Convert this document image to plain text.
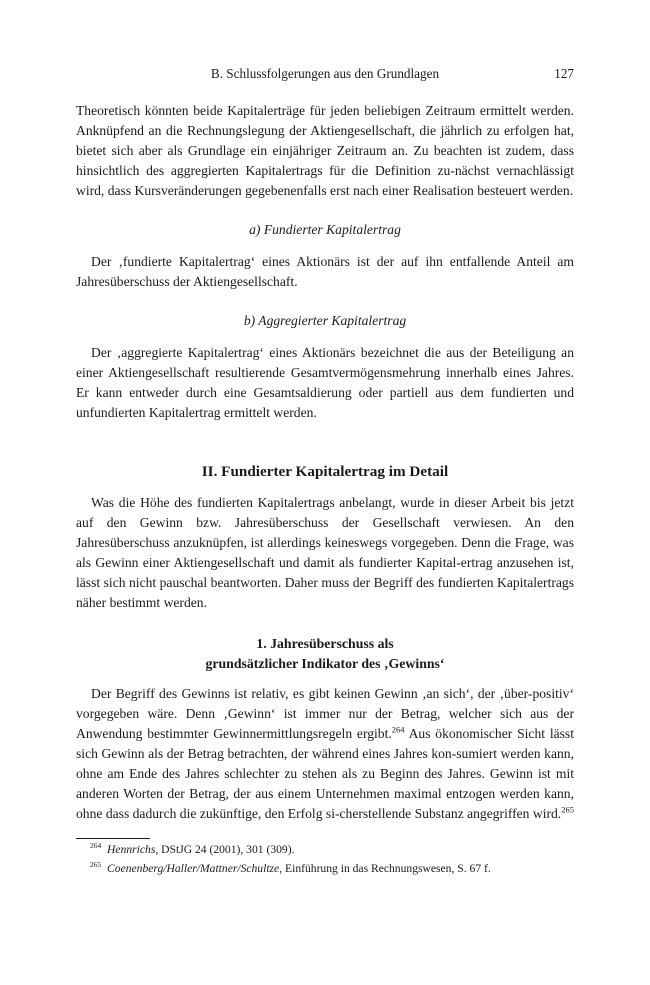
B. Schlussfolgerungen aus den Grundlagen	127

Theoretisch könnten beide Kapitalerträge für jeden beliebigen Zeitraum ermittelt werden. Anknüpfend an die Rechnungslegung der Aktiengesellschaft, die jährlich zu erfolgen hat, bietet sich aber als Grundlage ein einjähriger Zeitraum an. Zu beachten ist zudem, dass hinsichtlich des aggregierten Kapitalertrags für die Definition zu-nächst vernachlässigt wird, dass Kursveränderungen gegebenenfalls erst nach einer Realisation besteuert werden.

a) Fundierter Kapitalertrag

Der ‚fundierte Kapitalertrag‘ eines Aktionärs ist der auf ihn entfallende Anteil am Jahresüberschuss der Aktiengesellschaft.

b) Aggregierter Kapitalertrag

Der ‚aggregierte Kapitalertrag‘ eines Aktionärs bezeichnet die aus der Beteiligung an einer Aktiengesellschaft resultierende Gesamtvermögensmehrung innerhalb eines Jahres. Er kann entweder durch eine Gesamtsaldierung oder partiell aus dem fundierten und unfundierten Kapitalertrag ermittelt werden.

II. Fundierter Kapitalertrag im Detail

Was die Höhe des fundierten Kapitalertrags anbelangt, wurde in dieser Arbeit bis jetzt auf den Gewinn bzw. Jahresüberschuss der Gesellschaft verwiesen. An den Jahresüberschuss anzuknüpfen, ist allerdings keineswegs vorgegeben. Denn die Frage, was als Gewinn einer Aktiengesellschaft und damit als fundierter Kapital-ertrag anzusehen ist, lässt sich nicht pauschal beantworten. Daher muss der Begriff des fundierten Kapitalertrags näher bestimmt werden.

1. Jahresüberschuss als

grundsätzlicher Indikator des ‚Gewinns‘

Der Begriff des Gewinns ist relativ, es gibt keinen Gewinn ‚an sich‘, der ‚über-positiv‘ vorgegeben wäre. Denn ‚Gewinn‘ ist immer nur der Betrag, welcher sich aus der Anwendung bestimmter Gewinnermittlungsregeln ergibt.$^{264}$ Aus ökonomischer Sicht lässt sich Gewinn als der Betrag betrachten, der während eines Jahres kon-sumiert werden kann, ohne am Ende des Jahres schlechter zu stehen als zu Beginn des Jahres. Gewinn ist mit anderen Worten der Betrag, der aus einem Unternehmen maximal entzogen werden kann, ohne dass dadurch die zukünftige, den Erfolg si-cherstellende Substanz angegriffen wird.$^{265}$

$^{264}$ Hennrichs, DStJG 24 (2001), 301 (309).

$^{265}$ Coenenberg/Haller/Mattner/Schultze, Einführung in das Rechnungswesen, S. 67 f.
